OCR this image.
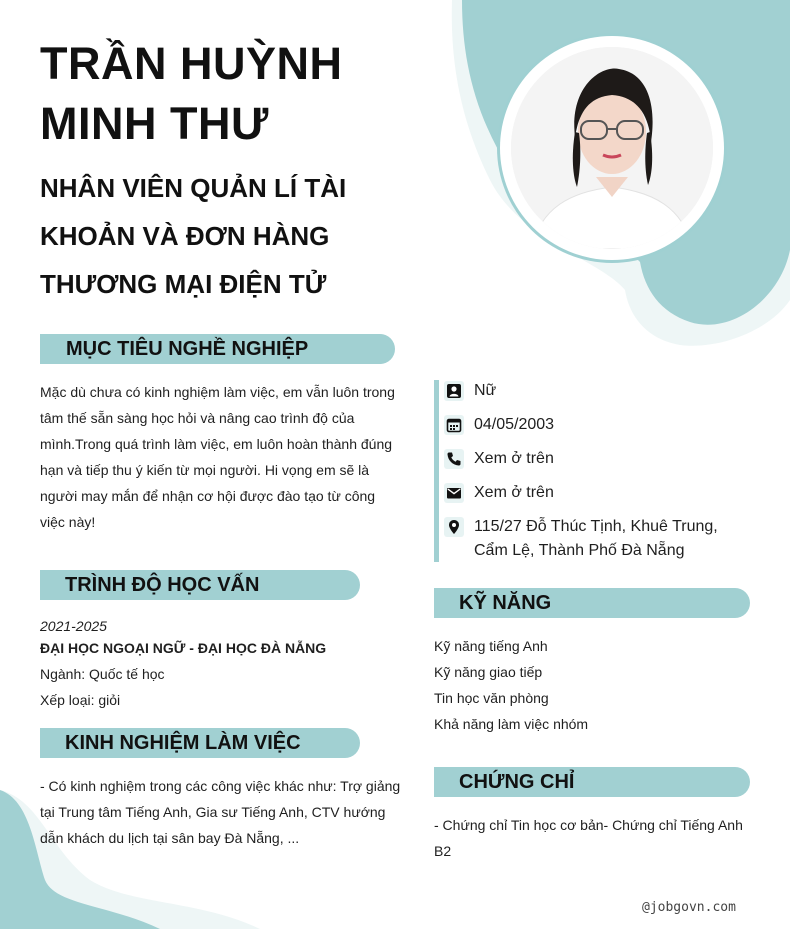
TRẦN HUỲNH
MINH THƯ
NHÂN VIÊN QUẢN LÍ TÀI
KHOẢN VÀ ĐƠN HÀNG
THƯƠNG MẠI ĐIỆN TỬ
MỤC TIÊU NGHỀ NGHIỆP
Mặc dù chưa có kinh nghiệm làm việc, em vẫn luôn trong
tâm thế sẵn sàng học hỏi và nâng cao trình độ của
mình.Trong quá trình làm việc, em luôn hoàn thành đúng
hạn và tiếp thu ý kiến từ mọi người. Hi vọng em sẽ là
người may mắn để nhận cơ hội được đào tạo từ công
việc này!
TRÌNH ĐỘ HỌC VẤN
2021-2025
ĐẠI HỌC NGOẠI NGỮ - ĐẠI HỌC ĐÀ NẴNG
Ngành: Quốc tế học
Xếp loại: giỏi
KINH NGHIỆM LÀM VIỆC
- Có kinh nghiệm trong các công việc khác như: Trợ giảng
tại Trung tâm Tiếng Anh, Gia sư Tiếng Anh, CTV hướng
dẫn khách du lịch tại sân bay Đà Nẵng, ...
Nữ
04/05/2003
Xem ở trên
Xem ở trên
115/27 Đỗ Thúc Tịnh, Khuê Trung,
Cẩm Lệ, Thành Phố Đà Nẵng
KỸ NĂNG
Kỹ năng tiếng Anh
Kỹ năng giao tiếp
Tin học văn phòng
Khả năng làm việc nhóm
CHỨNG CHỈ
- Chứng chỉ Tin học cơ bản- Chứng chỉ Tiếng Anh
B2
@jobgovn.com
